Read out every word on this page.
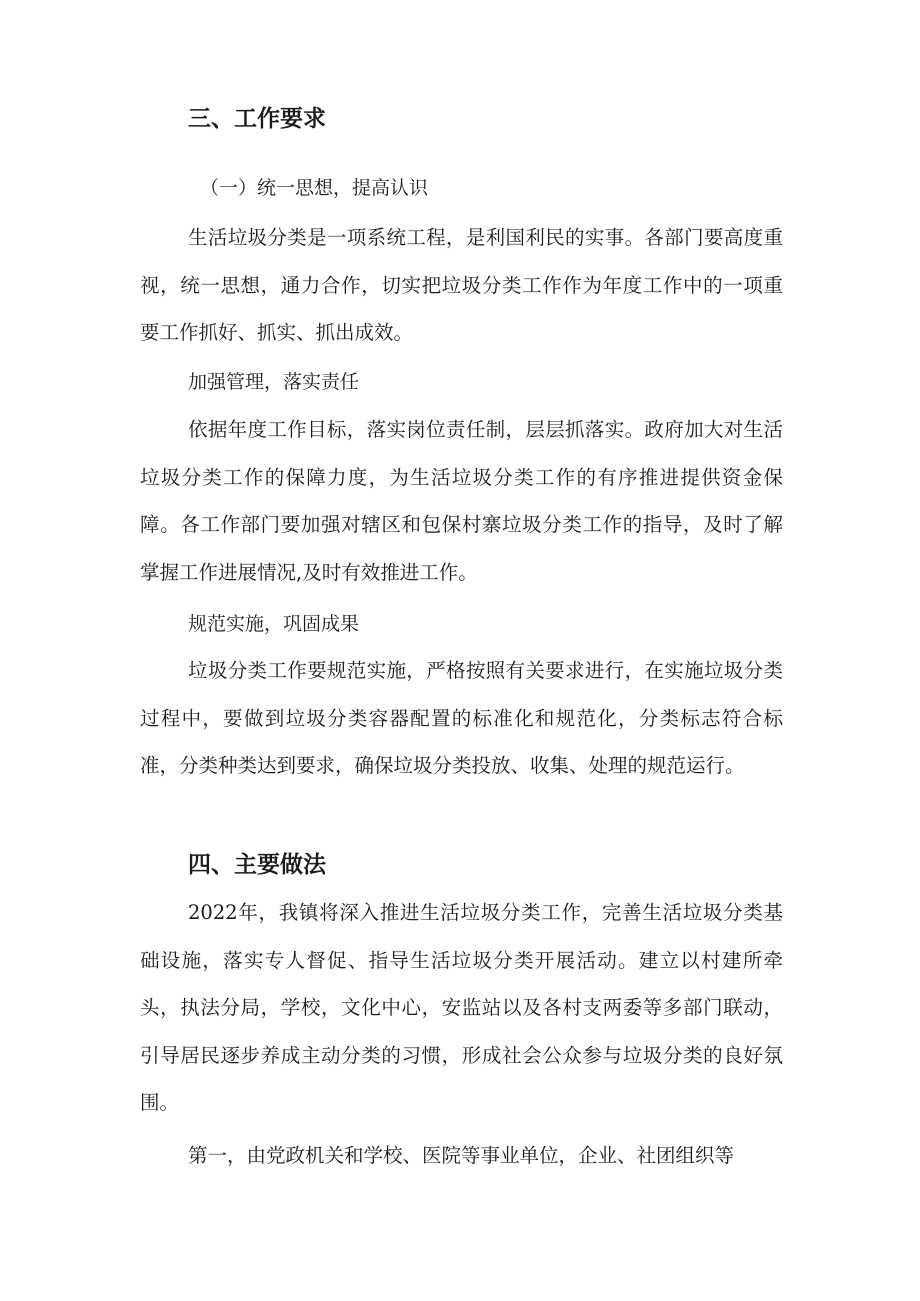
三、工作要求
（一）统一思想，提高认识

生活垃圾分类是一项系统工程，是利国利民的实事。各部门要高度重视，统一思想，通力合作，切实把垃圾分类工作作为年度工作中的一项重要工作抓好、抓实、抓出成效。

加强管理，落实责任

依据年度工作目标，落实岗位责任制，层层抓落实。政府加大对生活垃圾分类工作的保障力度，为生活垃圾分类工作的有序推进提供资金保障。各工作部门要加强对辖区和包保村寨垃圾分类工作的指导，及时了解掌握工作进展情况,及时有效推进工作。

规范实施，巩固成果

垃圾分类工作要规范实施，严格按照有关要求进行，在实施垃圾分类过程中，要做到垃圾分类容器配置的标准化和规范化，分类标志符合标准，分类种类达到要求，确保垃圾分类投放、收集、处理的规范运行。

四、主要做法

2022年，我镇将深入推进生活垃圾分类工作，完善生活垃圾分类基础设施，落实专人督促、指导生活垃圾分类开展活动。建立以村建所牵头，执法分局，学校，文化中心，安监站以及各村支两委等多部门联动，引导居民逐步养成主动分类的习惯，形成社会公众参与垃圾分类的良好氛围。

第一，由党政机关和学校、医院等事业单位，企业、社团组织等
